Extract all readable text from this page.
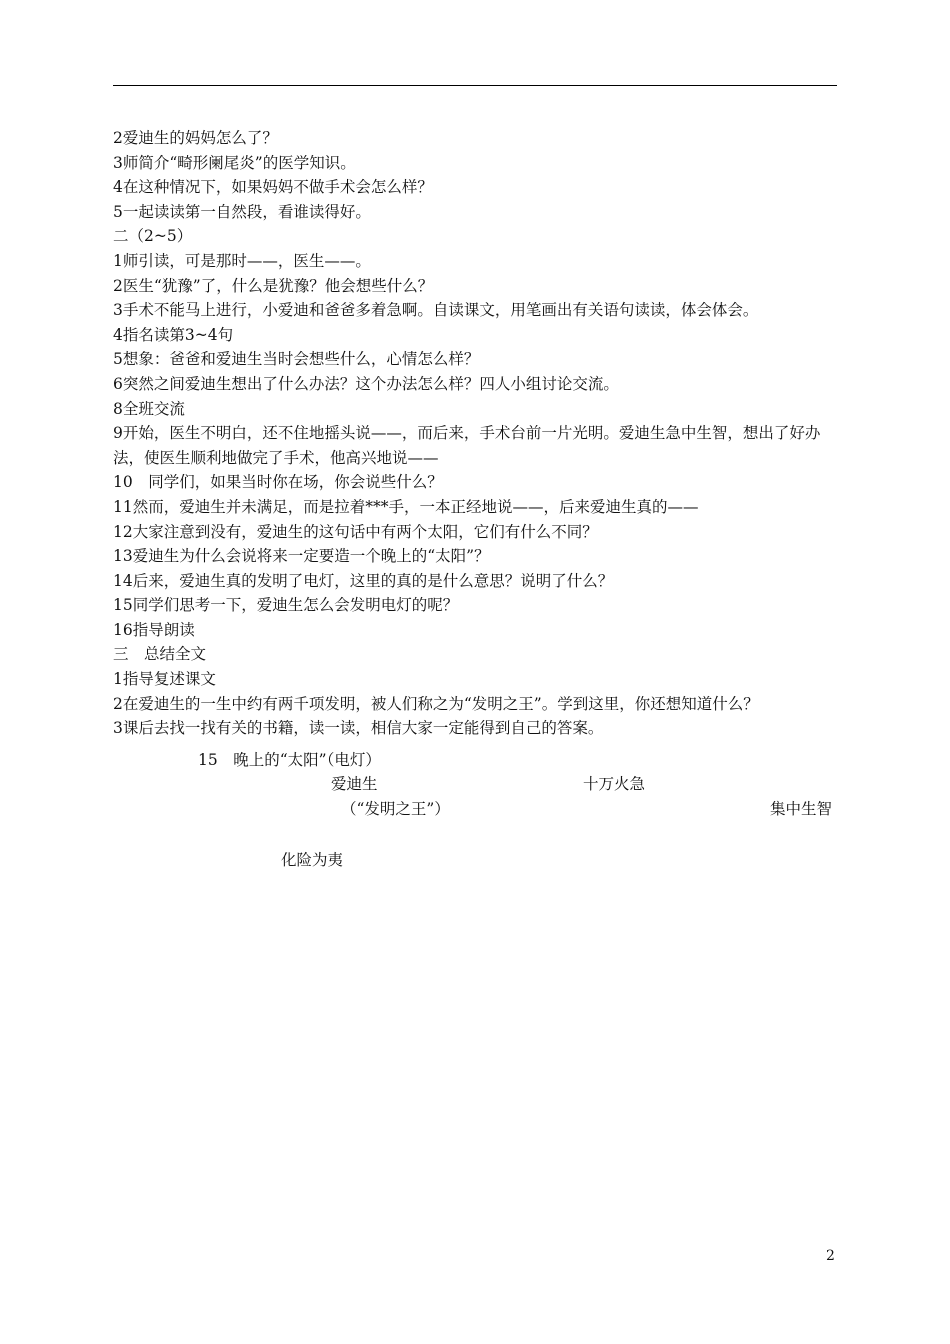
2爱迪生的妈妈怎么了？
3师简介“畸形阑尾炎”的医学知识。
4在这种情况下，如果妈妈不做手术会怎么样？
5一起读读第一自然段，看谁读得好。
二（2~5）
1师引读，可是那时——，医生——。
2医生“犹豫”了，什么是犹豫？他会想些什么？
3手术不能马上进行，小爱迪和爸爸多着急啊。自读课文，用笔画出有关语句读读，体会体会。
4指名读第3~4句
5想象：爸爸和爱迪生当时会想些什么，心情怎么样？
6突然之间爱迪生想出了什么办法？这个办法怎么样？四人小组讨论交流。
8全班交流
9开始，医生不明白，还不住地摇头说——，而后来，手术台前一片光明。爱迪生急中生智，想出了好办法，使医生顺利地做完了手术，他高兴地说——
10　同学们，如果当时你在场，你会说些什么？
11然而，爱迪生并未满足，而是拉着***手，一本正经地说——，后来爱迪生真的——
12大家注意到没有，爱迪生的这句话中有两个太阳，它们有什么不同？
13爱迪生为什么会说将来一定要造一个晚上的“太阳”？
14后来，爱迪生真的发明了电灯，这里的真的是什么意思？说明了什么？
15同学们思考一下，爱迪生怎么会发明电灯的呢？
16指导朗读
三　总结全文
1指导复述课文
2在爱迪生的一生中约有两千项发明，被人们称之为“发明之王”。学到这里，你还想知道什么？
3课后去找一找有关的书籍，读一读，相信大家一定能得到自己的答案。
15　晚上的“太阳”（电灯）
爱迪生	十万火急
（“发明之王”）	集中生智
化险为夷
2
